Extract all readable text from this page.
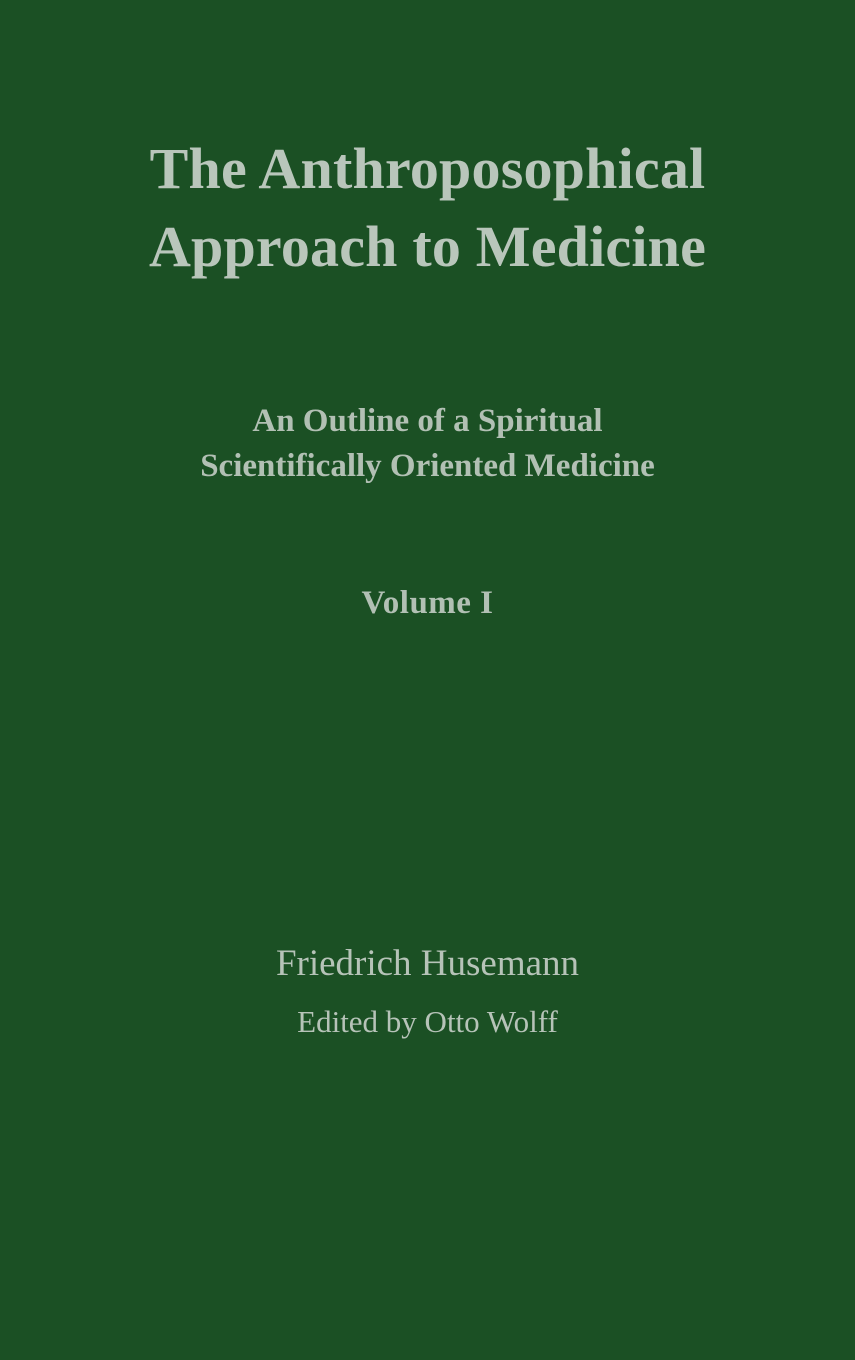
The Anthroposophical
Approach to Medicine

An Outline of a Spiritual
Scientifically Oriented Medicine

Volume I

Friedrich Husemann

Edited by Otto Wolff
